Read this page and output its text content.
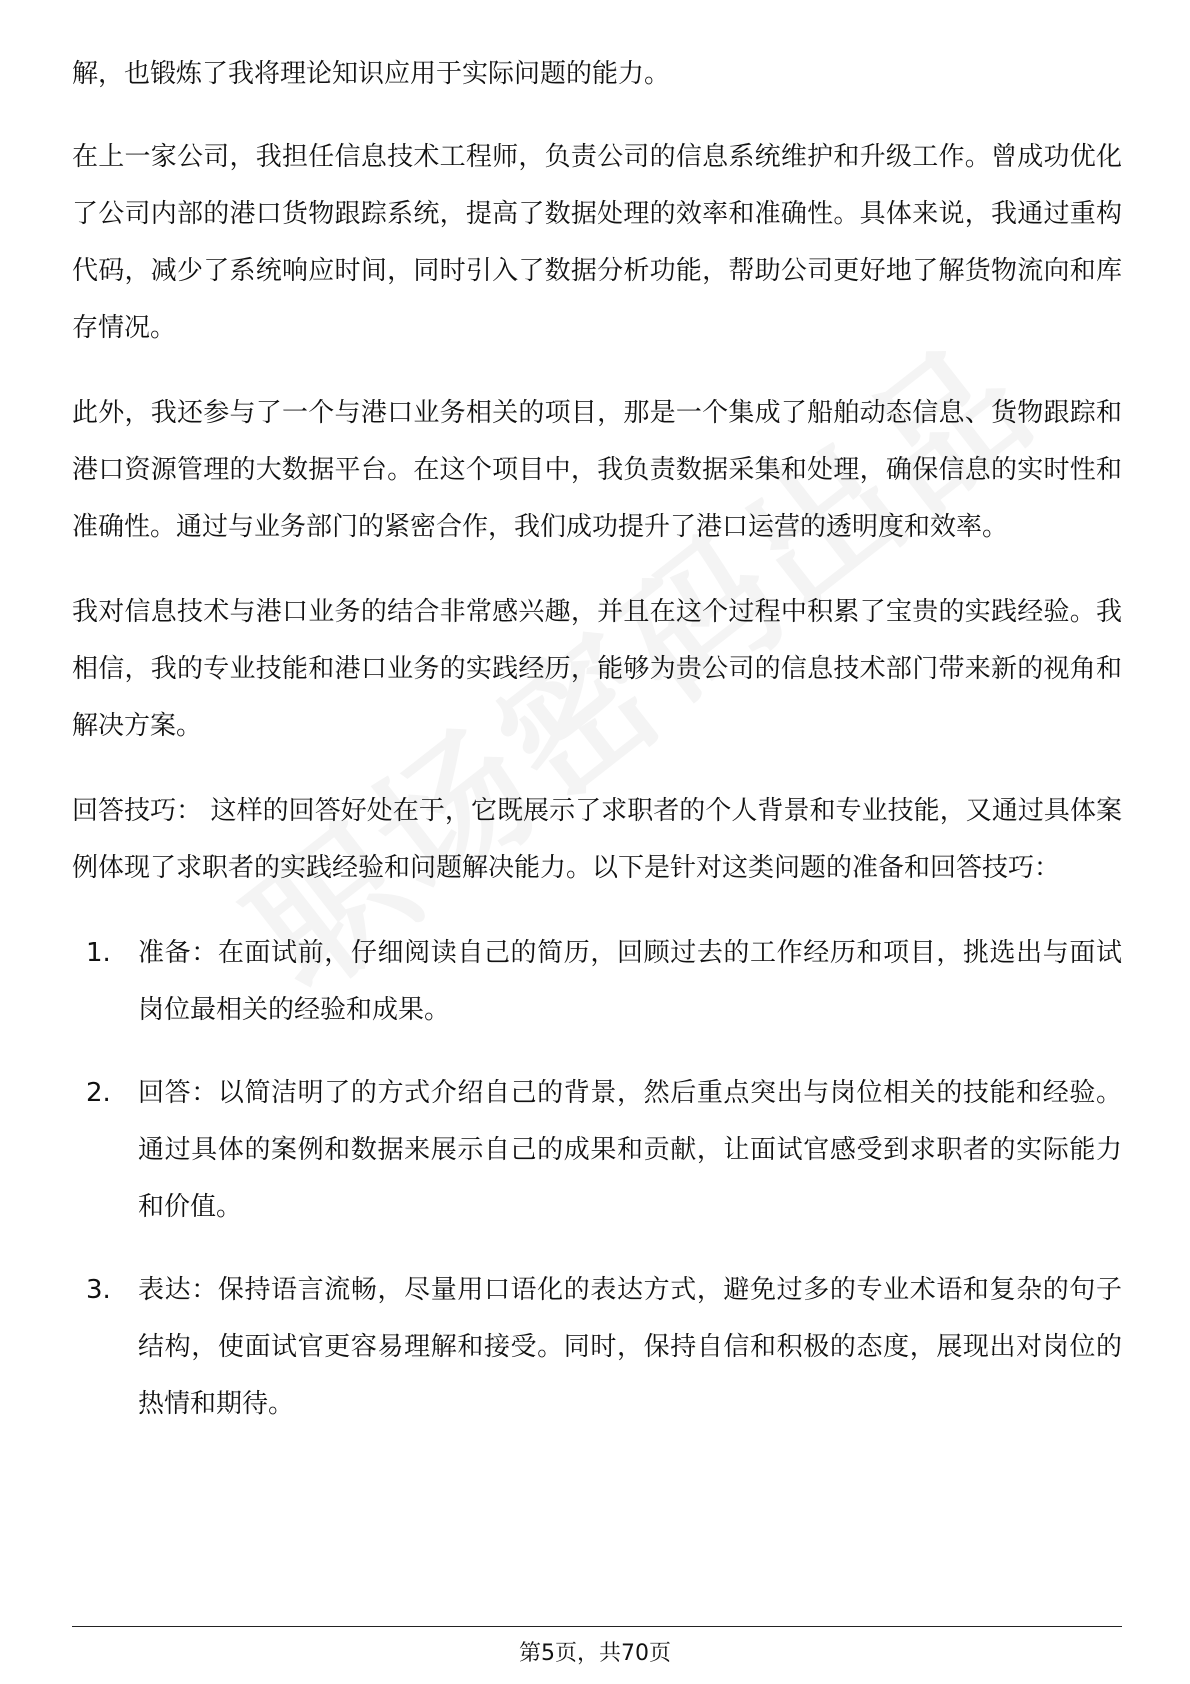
解，也锻炼了我将理论知识应用于实际问题的能力。

在上一家公司，我担任信息技术工程师，负责公司的信息系统维护和升级工作。曾成功优化了公司内部的港口货物跟踪系统，提高了数据处理的效率和准确性。具体来说，我通过重构代码，减少了系统响应时间，同时引入了数据分析功能，帮助公司更好地了解货物流向和库存情况。

此外，我还参与了一个与港口业务相关的项目，那是一个集成了船舶动态信息、货物跟踪和港口资源管理的大数据平台。在这个项目中，我负责数据采集和处理，确保信息的实时性和准确性。通过与业务部门的紧密合作，我们成功提升了港口运营的透明度和效率。

我对信息技术与港口业务的结合非常感兴趣，并且在这个过程中积累了宝贵的实践经验。我相信，我的专业技能和港口业务的实践经历，能够为贵公司的信息技术部门带来新的视角和解决方案。

回答技巧： 这样的回答好处在于，它既展示了求职者的个人背景和专业技能，又通过具体案例体现了求职者的实践经验和问题解决能力。以下是针对这类问题的准备和回答技巧：

1.	准备：在面试前，仔细阅读自己的简历，回顾过去的工作经历和项目，挑选出与面试岗位最相关的经验和成果。
2.	回答：以简洁明了的方式介绍自己的背景，然后重点突出与岗位相关的技能和经验。通过具体的案例和数据来展示自己的成果和贡献，让面试官感受到求职者的实际能力和价值。
3.	表达：保持语言流畅，尽量用口语化的表达方式，避免过多的专业术语和复杂的句子结构，使面试官更容易理解和接受。同时，保持自信和积极的态度，展现出对岗位的热情和期待。
第5页，共70页
